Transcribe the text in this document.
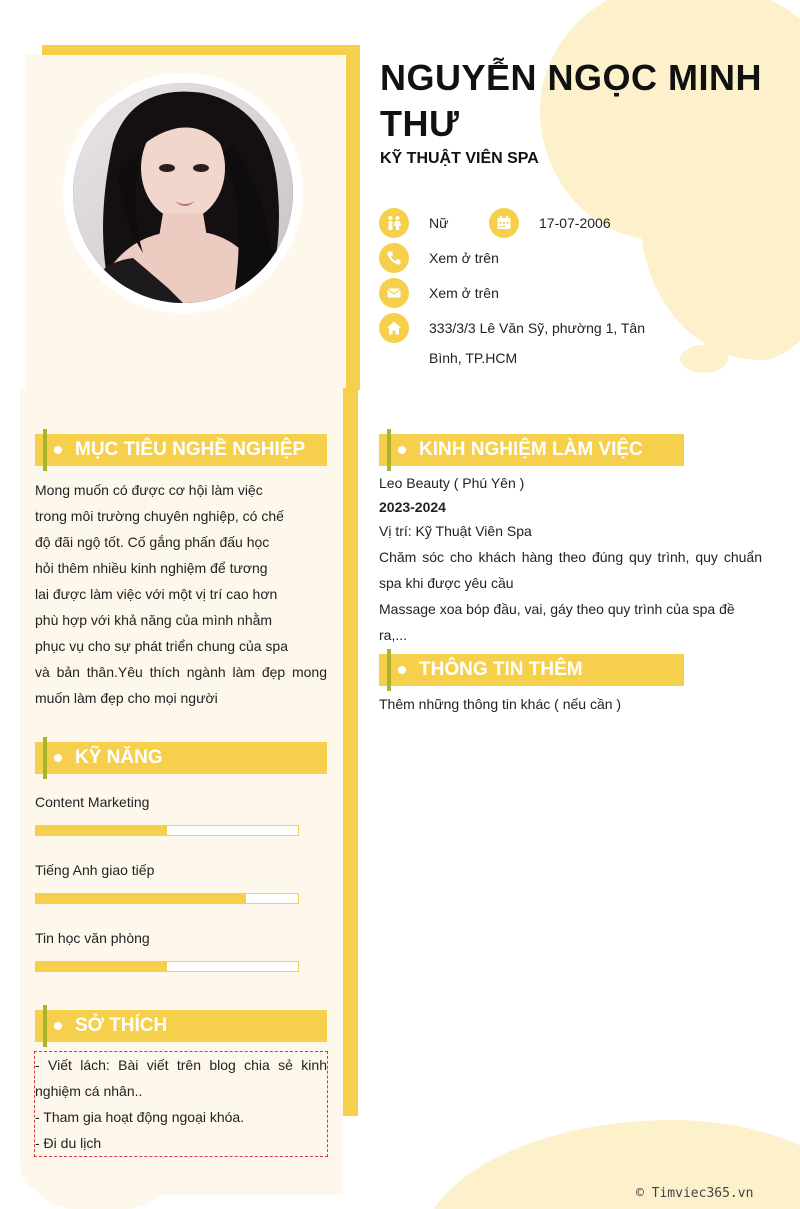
NGUYỄN NGỌC MINH THƯ
KỸ THUẬT VIÊN SPA
Nữ	17-07-2006
Xem ở trên
Xem ở trên
333/3/3 Lê Văn Sỹ, phường 1, Tân
Bình, TP.HCM
MỤC TIÊU NGHỀ NGHIỆP
Mong muốn có được cơ hội làm việc
trong môi trường chuyên nghiệp, có chế
độ đãi ngộ tốt. Cố gắng phấn đấu học
hỏi thêm nhiều kinh nghiệm để tương
lai được làm việc với một vị trí cao hơn
phù hợp với khả năng của mình nhằm
phục vụ cho sự phát triển chung của spa
và bản thân.Yêu thích ngành làm đẹp mong muốn làm đẹp cho mọi người
KỸ NĂNG
Content Marketing
Tiếng Anh giao tiếp
Tin học văn phòng
SỞ THÍCH
- Viết lách: Bài viết trên blog chia sẻ kinh nghiệm cá nhân..
- Tham gia hoạt động ngoại khóa.
- Đi du lịch
KINH NGHIỆM LÀM VIỆC
Leo Beauty ( Phú Yên )
2023-2024
Vị trí: Kỹ Thuật Viên Spa
Chăm sóc cho khách hàng theo đúng quy trình, quy chuẩn spa khi được yêu cầu
Massage xoa bóp đầu, vai, gáy theo quy trình của spa đề ra,...
THÔNG TIN THÊM
Thêm những thông tin khác ( nếu cần )
© Timviec365.vn
